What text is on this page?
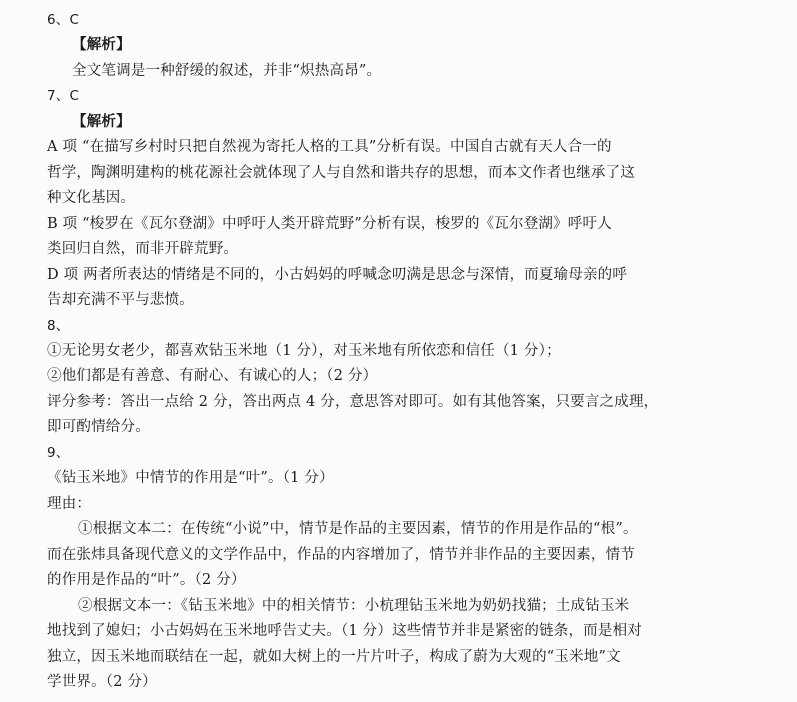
6、C
【解析】
全文笔调是一种舒缓的叙述，并非“炽热高昂”。
7、C
【解析】
A 项 “在描写乡村时只把自然视为寄托人格的工具”分析有误。中国自古就有天人合一的
哲学，陶渊明建构的桃花源社会就体现了人与自然和谐共存的思想，而本文作者也继承了这
种文化基因。
B 项 “梭罗在《瓦尔登湖》中呼吁人类开辟荒野”分析有误，梭罗的《瓦尔登湖》呼吁人
类回归自然，而非开辟荒野。
D 项 两者所表达的情绪是不同的，小古妈妈的呼喊念叨满是思念与深情，而夏瑜母亲的呼
告却充满不平与悲愤。
8、
①无论男女老少，都喜欢钻玉米地（1 分），对玉米地有所依恋和信任（1 分）；
②他们都是有善意、有耐心、有诚心的人；（2 分）
评分参考：答出一点给 2 分，答出两点 4 分，意思答对即可。如有其他答案，只要言之成理，
即可酌情给分。
9、
《钻玉米地》中情节的作用是“叶”。（1 分）
理由：
①根据文本二：在传统“小说”中，情节是作品的主要因素，情节的作用是作品的“根”。
而在张炜具备现代意义的文学作品中，作品的内容增加了，情节并非作品的主要因素，情节
的作用是作品的“叶”。（2 分）
②根据文本一：《钻玉米地》中的相关情节：小杭理钻玉米地为奶奶找猫；土成钻玉米
地找到了媳妇；小古妈妈在玉米地呼告丈夫。（1 分）这些情节并非是紧密的链条，而是相对
独立，因玉米地而联结在一起，就如大树上的一片片叶子，构成了蔚为大观的“玉米地”文
学世界。（2 分）
